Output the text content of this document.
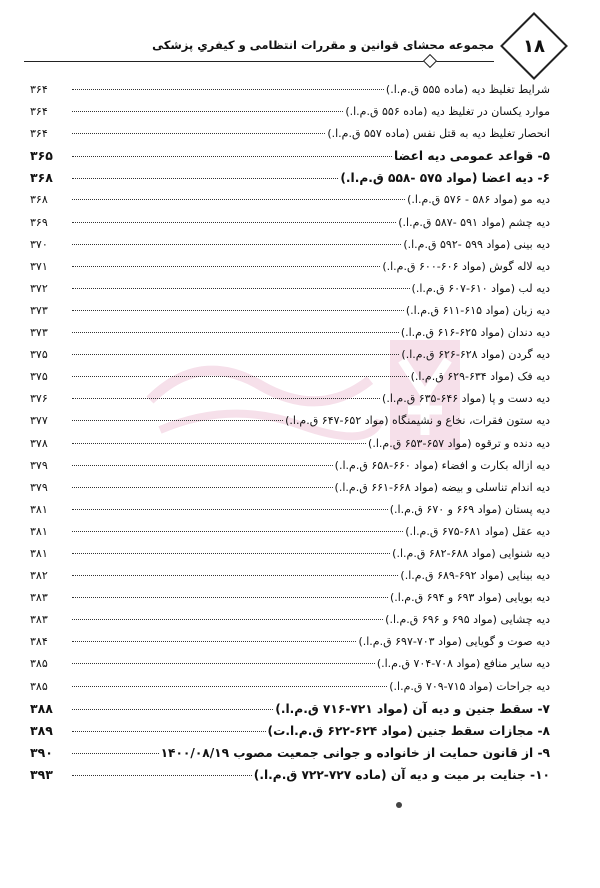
۱۸
مجموعه محشای قوانین و مقررات انتظامی و کیفریِ پزشکی
شرایط تغلیظ دیه (ماده ۵۵۵ ق.م.ا.)
۳۶۴
موارد یکسان در تغلیظ دیه (ماده ۵۵۶ ق.م.ا.)
۳۶۴
انحصار تغلیظ دیه به قتل نفس (ماده ۵۵۷ ق.م.ا.)
۳۶۴
۵- قواعد عمومی دیه اعضا
۳۶۵
۶- دیه اعضا (مواد ۵۷۵ -۵۵۸ ق.م.ا.)
۳۶۸
دیه مو (مواد ۵۸۶ - ۵۷۶ ق.م.ا.)
۳۶۸
دیه چشم (مواد ۵۹۱ -۵۸۷ ق.م.ا.)
۳۶۹
دیه بینی (مواد ۵۹۹ -۵۹۲ ق.م.ا.)
۳۷۰
دیه لاله گوش (مواد ۶۰۶-۶۰۰ ق.م.ا.)
۳۷۱
دیه لب (مواد ۶۱۰-۶۰۷ ق.م.ا.)
۳۷۲
دیه زبان (مواد ۶۱۵-۶۱۱ ق.م.ا.)
۳۷۳
دیه دندان (مواد ۶۲۵-۶۱۶ ق.م.ا.)
۳۷۳
دیه گردن (مواد ۶۲۸-۶۲۶ ق.م.ا.)
۳۷۵
دیه فک (مواد ۶۳۴-۶۲۹ ق.م.ا.)
۳۷۵
دیه دست و پا (مواد ۶۴۶-۶۳۵ ق.م.ا.)
۳۷۶
دیه ستون فقرات، نخاع و نشیمنگاه (مواد ۶۵۲-۶۴۷ ق.م.ا.)
۳۷۷
دیه دنده و ترقوه (مواد ۶۵۷-۶۵۳ ق.م.ا.)
۳۷۸
دیه ازاله بکارت و افضاء (مواد ۶۶۰-۶۵۸ ق.م.ا.)
۳۷۹
دیه اندام تناسلی و بیضه (مواد ۶۶۸-۶۶۱ ق.م.ا.)
۳۷۹
دیه پستان (مواد ۶۶۹ و ۶۷۰ ق.م.ا.)
۳۸۱
دیه عقل (مواد ۶۸۱-۶۷۵ ق.م.ا.)
۳۸۱
دیه شنوایی (مواد ۶۸۸-۶۸۲ ق.م.ا.)
۳۸۱
دیه بینایی (مواد ۶۹۲-۶۸۹ ق.م.ا.)
۳۸۲
دیه بویایی (مواد ۶۹۳ و ۶۹۴ ق.م.ا.)
۳۸۳
دیه چشایی (مواد ۶۹۵ و ۶۹۶ ق.م.ا.)
۳۸۳
دیه صوت و گویایی (مواد ۷۰۳-۶۹۷ ق.م.ا.)
۳۸۴
دیه سایر منافع (مواد ۷۰۸-۷۰۴ ق.م.ا.)
۳۸۵
دیه جراحات (مواد ۷۱۵-۷۰۹ ق.م.ا.)
۳۸۵
۷- سقط جنین و دیه آن (مواد ۷۲۱-۷۱۶ ق.م.ا.)
۳۸۸
۸- مجازات سقط جنین (مواد ۶۲۴-۶۲۲ ق.م.ا.ت)
۳۸۹
۹- از قانون حمایت از خانواده و جوانی جمعیت مصوب ۱۴۰۰/۰۸/۱۹
۳۹۰
۱۰- جنایت بر میت و دیه آن (ماده ۷۲۷-۷۲۲ ق.م.ا.)
۳۹۳
